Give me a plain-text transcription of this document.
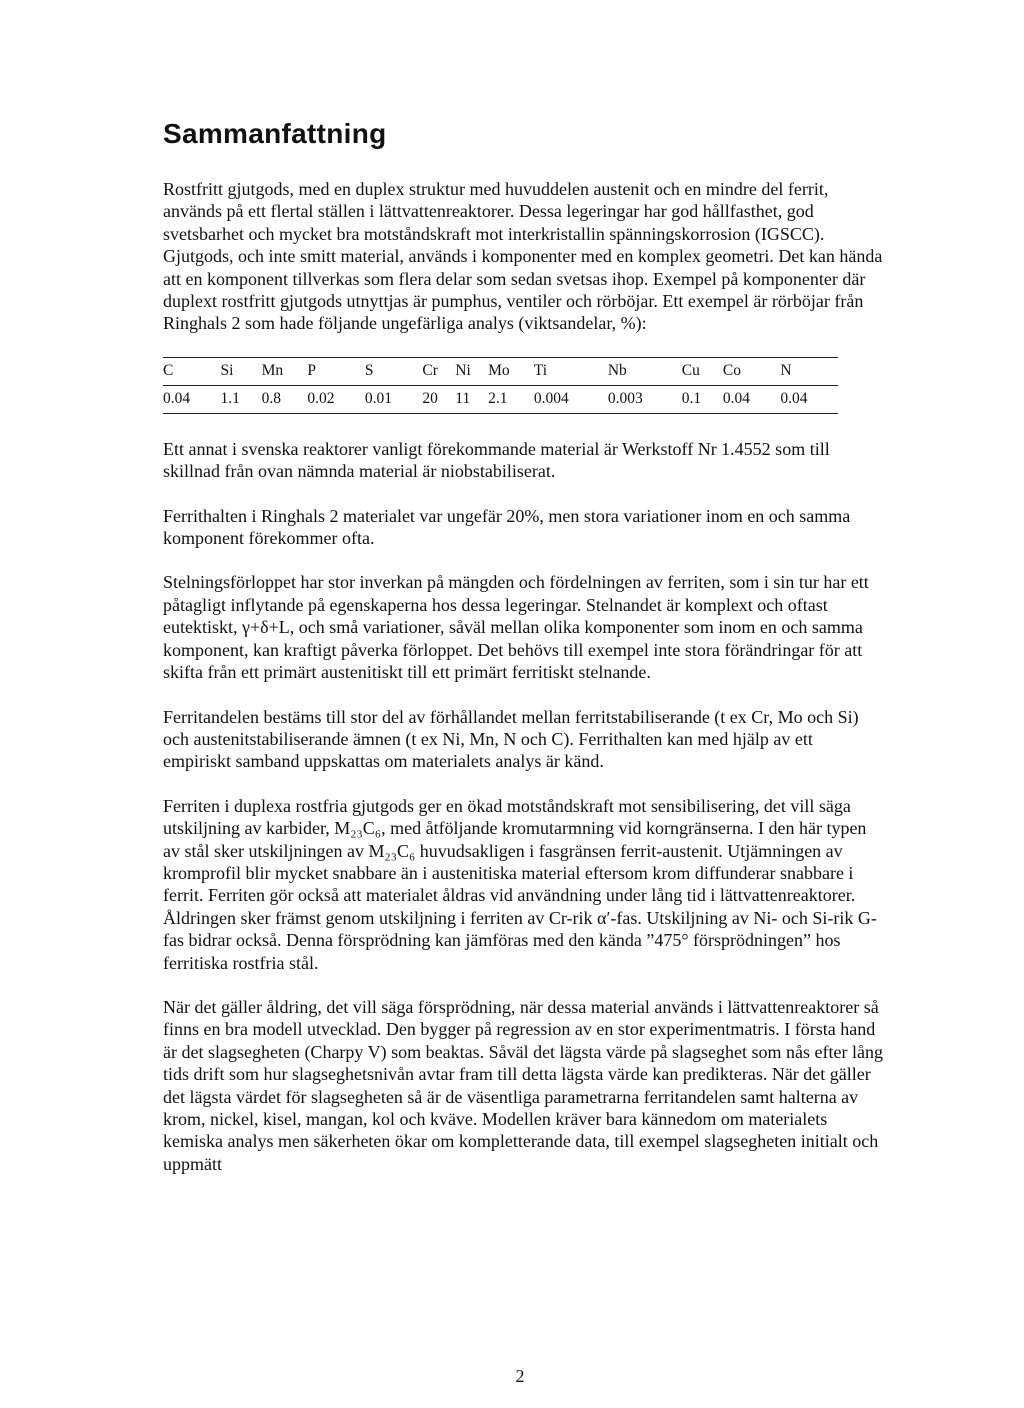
Sammanfattning

Rostfritt gjutgods, med en duplex struktur med huvuddelen austenit och en mindre del ferrit, används på ett flertal ställen i lättvattenreaktorer. Dessa legeringar har god hållfasthet, god svetsbarhet och mycket bra motståndskraft mot interkristallin spänningskorrosion (IGSCC). Gjutgods, och inte smitt material, används i komponenter med en komplex geometri. Det kan hända att en komponent tillverkas som flera delar som sedan svetsas ihop. Exempel på komponenter där duplext rostfritt gjutgods utnyttjas är pumphus, ventiler och rörböjar. Ett exempel är rörböjar från Ringhals 2 som hade följande ungefärliga analys (viktsandelar, %):

C	Si	Mn	P	S	Cr	Ni	Mo	Ti	Nb	Cu	Co	N
0.04	1.1	0.8	0.02	0.01	20	11	2.1	0.004	0.003	0.1	0.04	0.04

Ett annat i svenska reaktorer vanligt förekommande material är Werkstoff Nr 1.4552 som till skillnad från ovan nämnda material är niobstabiliserat.

Ferrithalten i Ringhals 2 materialet var ungefär 20%, men stora variationer inom en och samma komponent förekommer ofta.

Stelningsförloppet har stor inverkan på mängden och fördelningen av ferriten, som i sin tur har ett påtagligt inflytande på egenskaperna hos dessa legeringar. Stelnandet är komplext och oftast eutektiskt, γ+δ+L, och små variationer, såväl mellan olika komponenter som inom en och samma komponent, kan kraftigt påverka förloppet. Det behövs till exempel inte stora förändringar för att skifta från ett primärt austenitiskt till ett primärt ferritiskt stelnande.

Ferritandelen bestäms till stor del av förhållandet mellan ferritstabiliserande (t ex Cr, Mo och Si) och austenitstabiliserande ämnen (t ex Ni, Mn, N och C). Ferrithalten kan med hjälp av ett empiriskt samband uppskattas om materialets analys är känd.

Ferriten i duplexa rostfria gjutgods ger en ökad motståndskraft mot sensibilisering, det vill säga utskiljning av karbider, M₂₃C₆, med åtföljande kromutarmning vid korngränserna. I den här typen av stål sker utskiljningen av M₂₃C₆ huvudsakligen i fasgränsen ferrit-austenit. Utjämningen av kromprofil blir mycket snabbare än i austenitiska material eftersom krom diffunderar snabbare i ferrit. Ferriten gör också att materialet åldras vid användning under lång tid i lättvattenreaktorer. Åldringen sker främst genom utskiljning i ferriten av Cr-rik α′-fas. Utskiljning av Ni- och Si-rik G-fas bidrar också. Denna försprödning kan jämföras med den kända ”475° försprödningen” hos ferritiska rostfria stål.

När det gäller åldring, det vill säga försprödning, när dessa material används i lättvattenreaktorer så finns en bra modell utvecklad. Den bygger på regression av en stor experimentmatris. I första hand är det slagsegheten (Charpy V) som beaktas. Såväl det lägsta värde på slagseghet som nås efter lång tids drift som hur slagseghetsnivån avtar fram till detta lägsta värde kan predikteras. När det gäller det lägsta värdet för slagsegheten så är de väsentliga parametrarna ferritandelen samt halterna av krom, nickel, kisel, mangan, kol och kväve. Modellen kräver bara kännedom om materialets kemiska analys men säkerheten ökar om kompletterande data, till exempel slagsegheten initialt och uppmätt

2
